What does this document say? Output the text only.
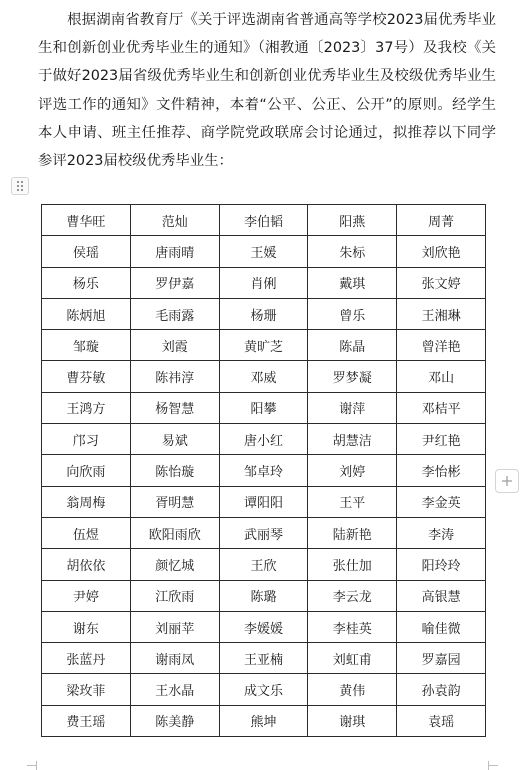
根据湖南省教育厅《关于评选湖南省普通高等学校2023届优秀毕业生和创新创业优秀毕业生的通知》（湘教通〔2023〕37号）及我校《关于做好2023届省级优秀毕业生和创新创业优秀毕业生及校级优秀毕业生评选工作的通知》文件精神，本着“公平、公正、公开”的原则。经学生本人申请、班主任推荐、商学院党政联席会讨论通过，拟推荐以下同学参评2023届校级优秀毕业生：

曹华旺	范灿	李伯韬	阳燕	周菁
侯瑶	唐雨晴	王媛	朱标	刘欣艳
杨乐	罗伊嘉	肖俐	戴琪	张文婷
陈炳旭	毛雨露	杨珊	曾乐	王湘琳
邹璇	刘霞	黄旷芝	陈晶	曾洋艳
曹芬敏	陈祎淳	邓威	罗梦凝	邓山
王鸿方	杨智慧	阳攀	谢萍	邓桔平
邝习	易斌	唐小红	胡慧洁	尹红艳
向欣雨	陈怡璇	邹卓玲	刘婷	李怡彬
翁周梅	胥明慧	谭阳阳	王平	李金英
伍煜	欧阳雨欣	武丽琴	陆新艳	李涛
胡依依	颜忆城	王欣	张仕加	阳玲玲
尹婷	江欣雨	陈璐	李云龙	高银慧
谢东	刘丽苹	李媛媛	李桂英	喻佳微
张蓝丹	谢雨凤	王亚楠	刘虹甫	罗嘉园
梁玫菲	王水晶	成文乐	黄伟	孙袁韵
费王瑶	陈美静	熊坤	谢琪	袁瑶
